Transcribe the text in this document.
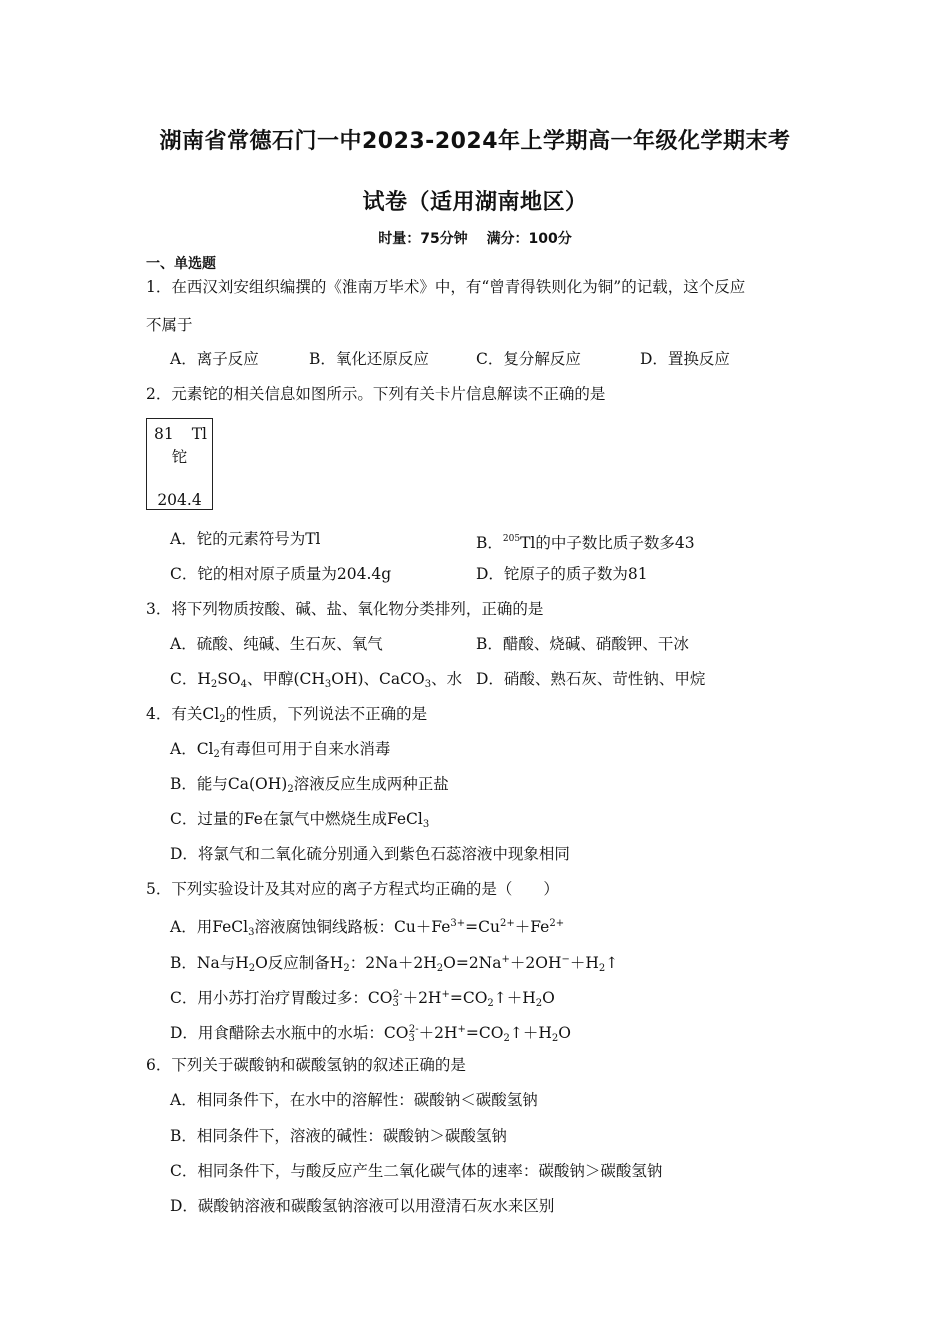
湖南省常德石门一中2023-2024年上学期高一年级化学期末考
试卷（适用湖南地区）
时量：75分钟 满分：100分
一、单选题
1．在西汉刘安组织编撰的《淮南万毕术》中，有“曾青得铁则化为铜”的记载，这个反应
不属于
A．离子反应	B．氧化还原反应	C．复分解反应	D．置换反应
2．元素铊的相关信息如图所示。下列有关卡片信息解读不正确的是
81 Tl
铊
204.4
A．铊的元素符号为Tl	B．$^{205}$Tl的中子数比质子数多43
C．铊的相对原子质量为204.4g	D．铊原子的质子数为81
3．将下列物质按酸、碱、盐、氧化物分类排列，正确的是
A．硫酸、纯碱、生石灰、氧气	B．醋酸、烧碱、硝酸钾、干冰
C．$H_2SO_4$、甲醇$(CH_3OH)$、CaCO$_3$、水 D．硝酸、熟石灰、苛性钠、甲烷
4．有关$Cl_2$的性质，下列说法不正确的是
A．$Cl_2$有毒但可用于自来水消毒
B．能与$Ca(OH)_2$溶液反应生成两种正盐
C．过量的Fe在氯气中燃烧生成FeCl$_3$
D．将氯气和二氧化硫分别通入到紫色石蕊溶液中现象相同
5．下列实验设计及其对应的离子方程式均正确的是（　　）
A．用FeCl$_3$溶液腐蚀铜线路板：$Cu+Fe^{3+}=Cu^{2+}+Fe^{2+}$
B．Na与$H_2O$反应制备$H_2$：$2Na+2H_2O=2Na^++2OH^-+H_2↑$
C．用小苏打治疗胃酸过多：$CO_3^{2-}+2H^+=CO_2↑+H_2O$
D．用食醋除去水瓶中的水垢：$CO_3^{2-}+2H^+=CO_2↑+H_2O$
6．下列关于碳酸钠和碳酸氢钠的叙述正确的是
A．相同条件下，在水中的溶解性：碳酸钠＜碳酸氢钠
B．相同条件下，溶液的碱性：碳酸钠＞碳酸氢钠
C．相同条件下，与酸反应产生二氧化碳气体的速率：碳酸钠＞碳酸氢钠
D．碳酸钠溶液和碳酸氢钠溶液可以用澄清石灰水来区别
